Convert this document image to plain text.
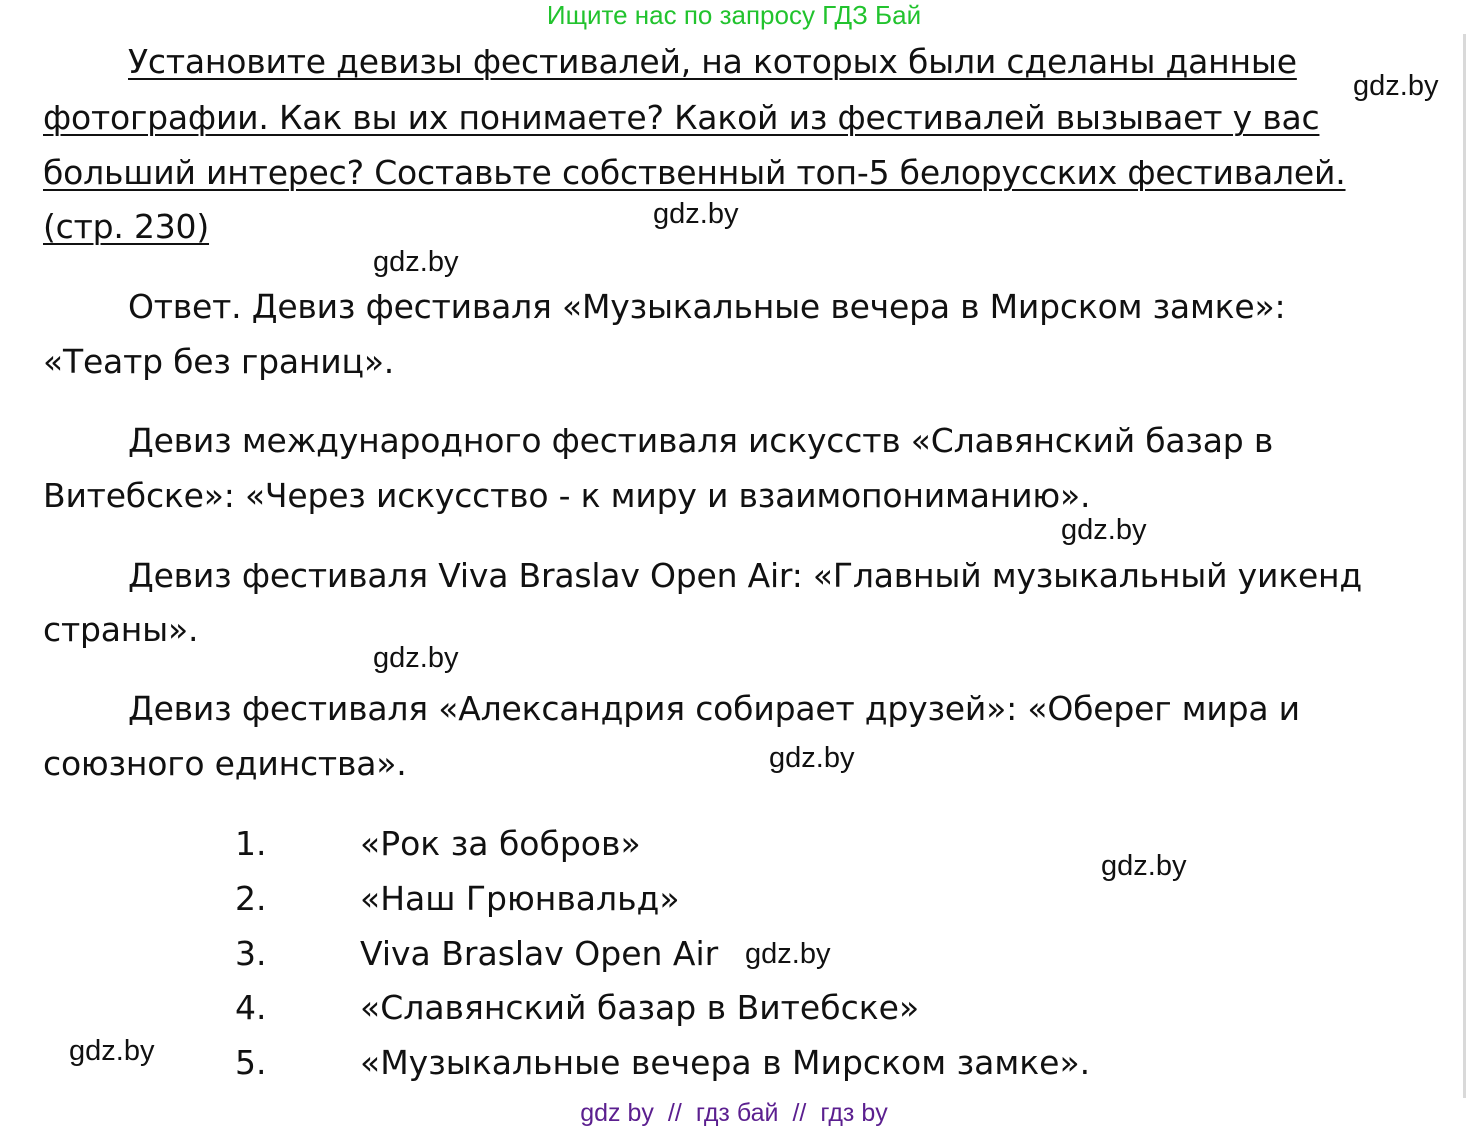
Ищите нас по запросу ГДЗ Бай
Установите девизы фестивалей, на которых были сделаны данные
фотографии. Как вы их понимаете? Какой из фестивалей вызывает у вас
больший интерес? Составьте собственный топ-5 белорусских фестивалей.
(стр. 230)
Ответ. Девиз фестиваля «Музыкальные вечера в Мирском замке»:
«Театр без границ».
Девиз международного фестиваля искусств «Славянский базар в
Витебске»: «Через искусство - к миру и взаимопониманию».
Девиз фестиваля Viva Braslav Open Air: «Главный музыкальный уикенд
страны».
Девиз фестиваля «Александрия собирает друзей»: «Оберег мира и
союзного единства».
1.	«Рок за бобров»
2.	«Наш Грюнвальд»
3.	Viva Braslav Open Air
4.	«Славянский базар в Витебске»
5.	«Музыкальные вечера в Мирском замке».
gdz.by
gdz.by
gdz.by
gdz.by
gdz.by
gdz.by
gdz.by
gdz.by
gdz.by
gdz by // гдз бай // гдз by
